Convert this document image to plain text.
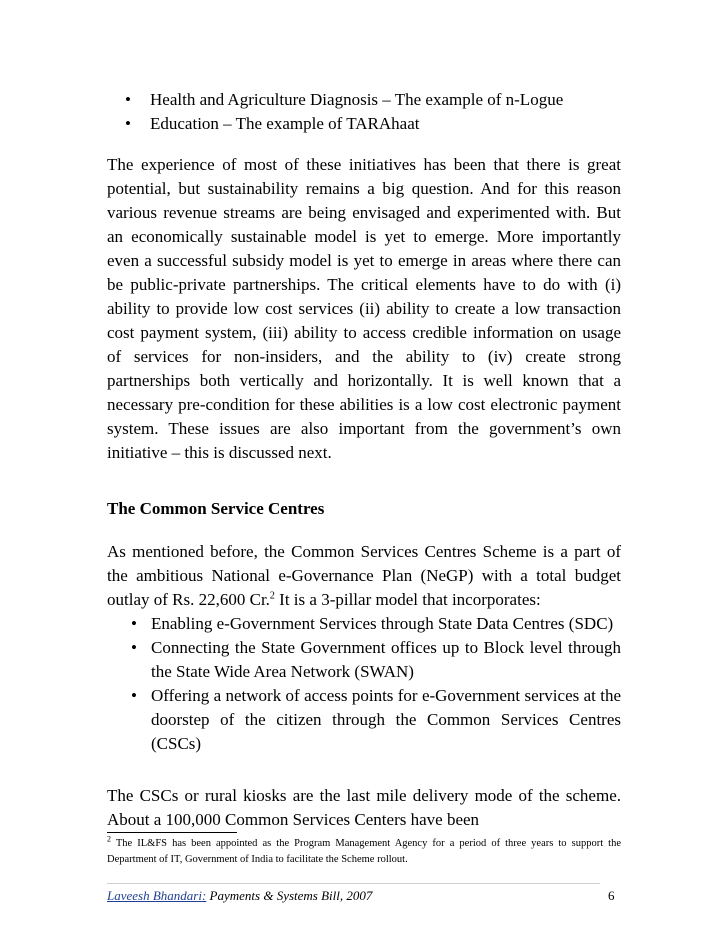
• Health and Agriculture Diagnosis – The example of n-Logue
• Education – The example of TARAhaat

The experience of most of these initiatives has been that there is great potential, but sustainability remains a big question. And for this reason various revenue streams are being envisaged and experimented with. But an economically sustainable model is yet to emerge. More importantly even a successful subsidy model is yet to emerge in areas where there can be public-private partnerships. The critical elements have to do with (i) ability to provide low cost services (ii) ability to create a low transaction cost payment system, (iii) ability to access credible information on usage of services for non-insiders, and the ability to (iv) create strong partnerships both vertically and horizontally. It is well known that a necessary pre-condition for these abilities is a low cost electronic payment system. These issues are also important from the government’s own initiative – this is discussed next.

The Common Service Centres
As mentioned before, the Common Services Centres Scheme is a part of the ambitious National e-Governance Plan (NeGP) with a total budget outlay of Rs. 22,600 Cr.$^2$ It is a 3-pillar model that incorporates:
• Enabling e-Government Services through State Data Centres (SDC)
• Connecting the State Government offices up to Block level through the State Wide Area Network (SWAN)
• Offering a network of access points for e-Government services at the doorstep of the citizen through the Common Services Centres (CSCs)

The CSCs or rural kiosks are the last mile delivery mode of the scheme. About a 100,000 Common Services Centers have been

$^2$ The IL&FS has been appointed as the Program Management Agency for a period of three years to support the Department of IT, Government of India to facilitate the Scheme rollout.

Laveesh Bhandari: Payments & Systems Bill, 2007	6
